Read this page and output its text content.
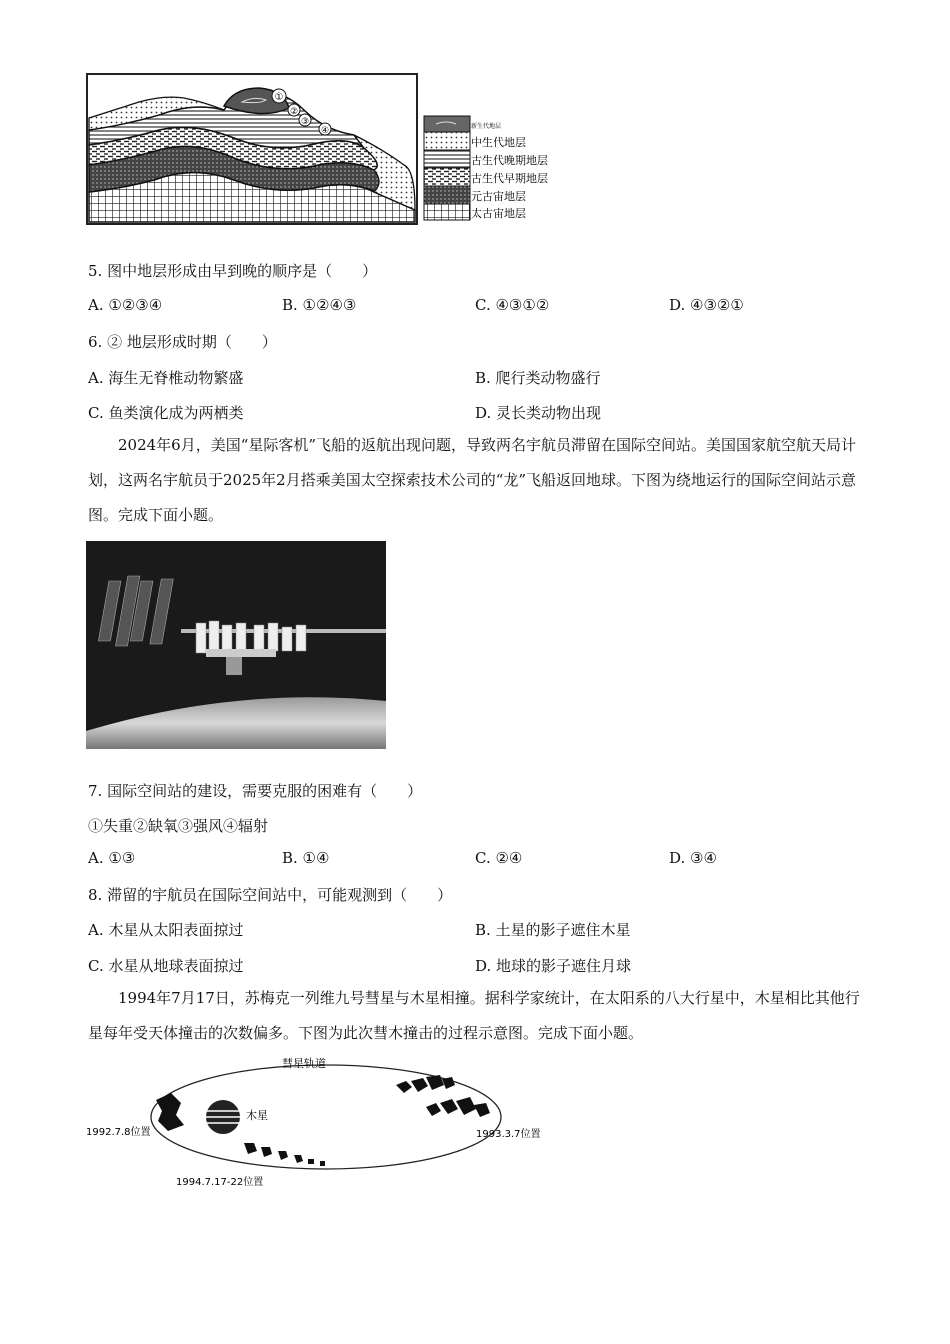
①
②
③
④	新生代地层
中生代地层
古生代晚期地层
古生代早期地层
元古宙地层
太古宙地层
5. 图中地层形成由早到晚的顺序是（　　）
A. ①②③④	B. ①②④③	C. ④③①②	D. ④③②①
6. ② 地层形成时期（　　）
A. 海生无脊椎动物繁盛	B. 爬行类动物盛行
C. 鱼类演化成为两栖类	D. 灵长类动物出现
2024年6月，美国“星际客机”飞船的返航出现问题，导致两名宇航员滞留在国际空间站。美国国家航空航天局计划，这两名宇航员于2025年2月搭乘美国太空探索技术公司的“龙”飞船返回地球。下图为绕地运行的国际空间站示意图。完成下面小题。
7. 国际空间站的建设，需要克服的困难有（　　）
①失重②缺氧③强风④辐射
A. ①③	B. ①④	C. ②④	D. ③④
8. 滞留的宇航员在国际空间站中，可能观测到（　　）
A. 木星从太阳表面掠过	B. 土星的影子遮住木星
C. 水星从地球表面掠过	D. 地球的影子遮住月球
1994年7月17日，苏梅克一列维九号彗星与木星相撞。据科学家统计，在太阳系的八大行星中，木星相比其他行星每年受天体撞击的次数偏多。下图为此次彗木撞击的过程示意图。完成下面小题。
彗星轨道
木星
1992.7.8位置	1993.3.7位置
1994.7.17-22位置
